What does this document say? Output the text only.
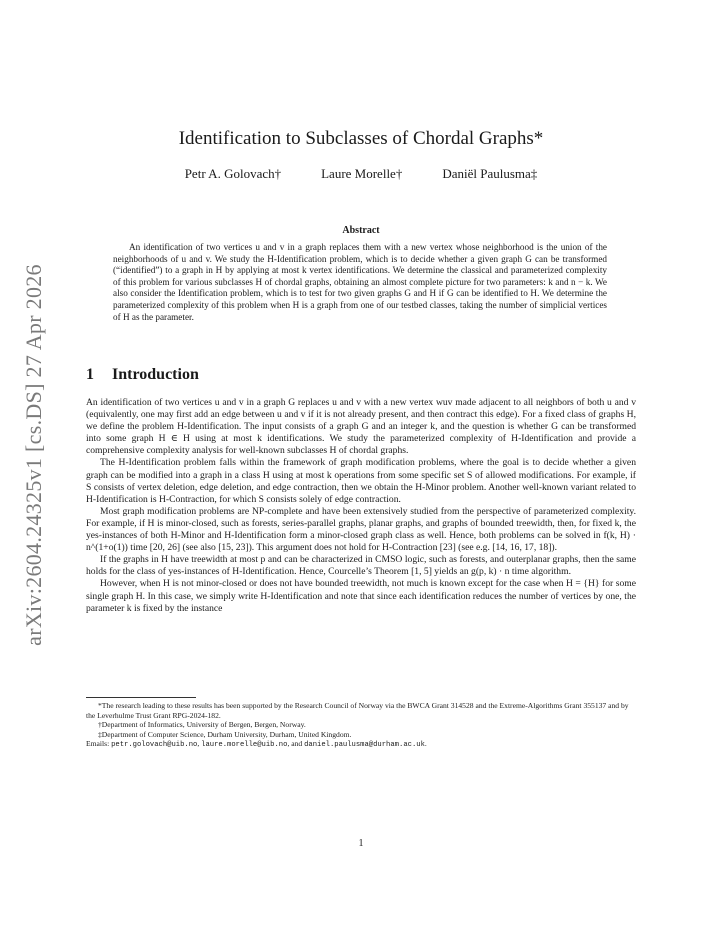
arXiv:2604.24325v1 [cs.DS] 27 Apr 2026
Identification to Subclasses of Chordal Graphs*
Petr A. Golovach†	Laure Morelle†	Daniël Paulusma‡
Abstract

An identification of two vertices u and v in a graph replaces them with a new vertex whose neighborhood is the union of the neighborhoods of u and v. We study the H-Identification problem, which is to decide whether a given graph G can be transformed (“identified”) to a graph in H by applying at most k vertex identifications. We determine the classical and parameterized complexity of this problem for various subclasses H of chordal graphs, obtaining an almost complete picture for two parameters: k and n − k. We also consider the Identification problem, which is to test for two given graphs G and H if G can be identified to H. We determine the parameterized complexity of this problem when H is a graph from one of our testbed classes, taking the number of simplicial vertices of H as the parameter.

1 Introduction

An identification of two vertices u and v in a graph G replaces u and v with a new vertex wuv made adjacent to all neighbors of both u and v (equivalently, one may first add an edge between u and v if it is not already present, and then contract this edge). For a fixed class of graphs H, we define the problem H-Identification. The input consists of a graph G and an integer k, and the question is whether G can be transformed into some graph H ∈ H using at most k identifications. We study the parameterized complexity of H-Identification and provide a comprehensive complexity analysis for well-known subclasses H of chordal graphs.

The H-Identification problem falls within the framework of graph modification problems, where the goal is to decide whether a given graph can be modified into a graph in a class H using at most k operations from some specific set S of allowed modifications. For example, if S consists of vertex deletion, edge deletion, and edge contraction, then we obtain the H-Minor problem. Another well-known variant related to H-Identification is H-Contraction, for which S consists solely of edge contraction.

Most graph modification problems are NP-complete and have been extensively studied from the perspective of parameterized complexity. For example, if H is minor-closed, such as forests, series-parallel graphs, planar graphs, and graphs of bounded treewidth, then, for fixed k, the yes-instances of both H-Minor and H-Identification form a minor-closed graph class as well. Hence, both problems can be solved in f(k, H) · n^(1+o(1)) time [20, 26] (see also [15, 23]). This argument does not hold for H-Contraction [23] (see e.g. [14, 16, 17, 18]).

If the graphs in H have treewidth at most p and can be characterized in CMSO logic, such as forests, and outerplanar graphs, then the same holds for the class of yes-instances of H-Identification. Hence, Courcelle’s Theorem [1, 5] yields an g(p, k) · n time algorithm.

However, when H is not minor-closed or does not have bounded treewidth, not much is known except for the case when H = {H} for some single graph H. In this case, we simply write H-Identification and note that since each identification reduces the number of vertices by one, the parameter k is fixed by the instance

*The research leading to these results has been supported by the Research Council of Norway via the BWCA Grant 314528 and the Extreme-Algorithms Grant 355137 and by the Leverhulme Trust Grant RPG-2024-182.

†Department of Informatics, University of Bergen, Bergen, Norway.

‡Department of Computer Science, Durham University, Durham, United Kingdom.

Emails: petr.golovach@uib.no, laure.morelle@uib.no, and daniel.paulusma@durham.ac.uk.

1
